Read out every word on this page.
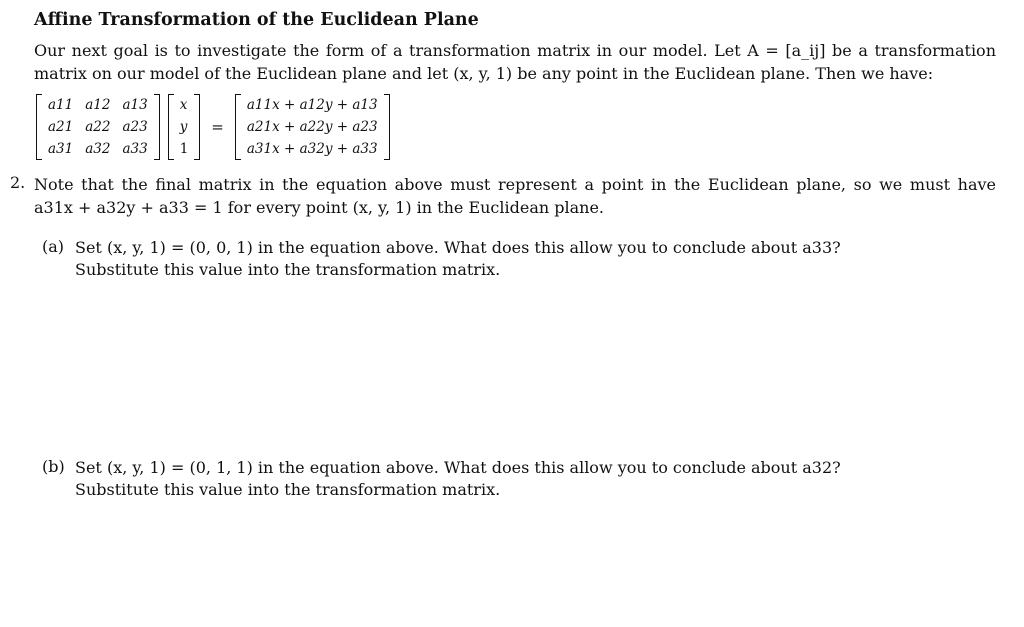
Affine Transformation of the Euclidean Plane
Our next goal is to investigate the form of a transformation matrix in our model. Let A = [a_ij] be a transformation
matrix on our model of the Euclidean plane and let (x, y, 1) be any point in the Euclidean plane. Then we have:
a11	a12	a13
a21	a22	a23
a31	a32	a33
x
y
1
=
a11x + a12y + a13
a21x + a22y + a23
a31x + a32y + a33
2. Note that the final matrix in the equation above must represent a point in the Euclidean plane, so we must have
a31x + a32y + a33 = 1 for every point (x, y, 1) in the Euclidean plane.
(a) Set (x, y, 1) = (0, 0, 1) in the equation above. What does this allow you to conclude about a33?
Substitute this value into the transformation matrix.
(b) Set (x, y, 1) = (0, 1, 1) in the equation above. What does this allow you to conclude about a32?
Substitute this value into the transformation matrix.
